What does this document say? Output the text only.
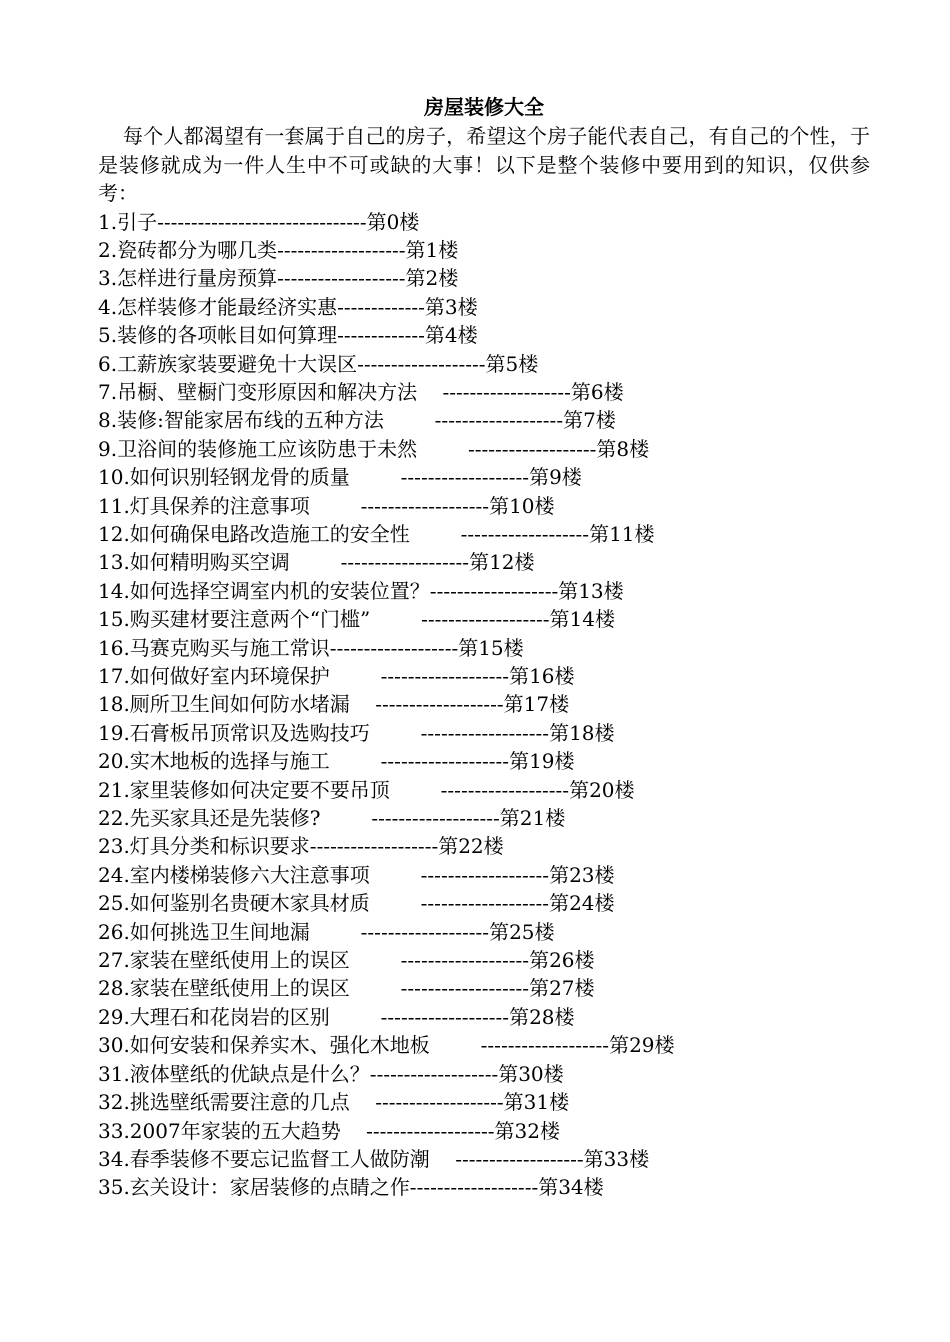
房屋装修大全

每个人都渴望有一套属于自己的房子，希望这个房子能代表自己，有自己的个性，于是装修就成为一件人生中不可或缺的大事！以下是整个装修中要用到的知识，仅供参考：

1.引子-------------------------------第0楼
2.瓷砖都分为哪几类-------------------第1楼
3.怎样进行量房预算-------------------第2楼
4.怎样装修才能最经济实惠-------------第3楼
5.装修的各项帐目如何算理-------------第4楼
6.工薪族家装要避免十大误区-------------------第5楼
7.吊橱、壁橱门变形原因和解决方法    -------------------第6楼
8.装修:智能家居布线的五种方法        -------------------第7楼
9.卫浴间的装修施工应该防患于未然        -------------------第8楼
10.如何识别轻钢龙骨的质量        -------------------第9楼
11.灯具保养的注意事项        -------------------第10楼
12.如何确保电路改造施工的安全性        -------------------第11楼
13.如何精明购买空调        -------------------第12楼
14.如何选择空调室内机的安装位置？-------------------第13楼
15.购买建材要注意两个“门槛”        -------------------第14楼
16.马赛克购买与施工常识-------------------第15楼
17.如何做好室内环境保护        -------------------第16楼
18.厕所卫生间如何防水堵漏    -------------------第17楼
19.石膏板吊顶常识及选购技巧        -------------------第18楼
20.实木地板的选择与施工        -------------------第19楼
21.家里装修如何决定要不要吊顶        -------------------第20楼
22.先买家具还是先装修?        -------------------第21楼
23.灯具分类和标识要求-------------------第22楼
24.室内楼梯装修六大注意事项        -------------------第23楼
25.如何鉴别名贵硬木家具材质        -------------------第24楼
26.如何挑选卫生间地漏        -------------------第25楼
27.家装在壁纸使用上的误区        -------------------第26楼
28.家装在壁纸使用上的误区        -------------------第27楼
29.大理石和花岗岩的区别        -------------------第28楼
30.如何安装和保养实木、强化木地板        -------------------第29楼
31.液体壁纸的优缺点是什么？-------------------第30楼
32.挑选壁纸需要注意的几点    -------------------第31楼
33.2007年家装的五大趋势    -------------------第32楼
34.春季装修不要忘记监督工人做防潮    -------------------第33楼
35.玄关设计：家居装修的点睛之作-------------------第34楼
